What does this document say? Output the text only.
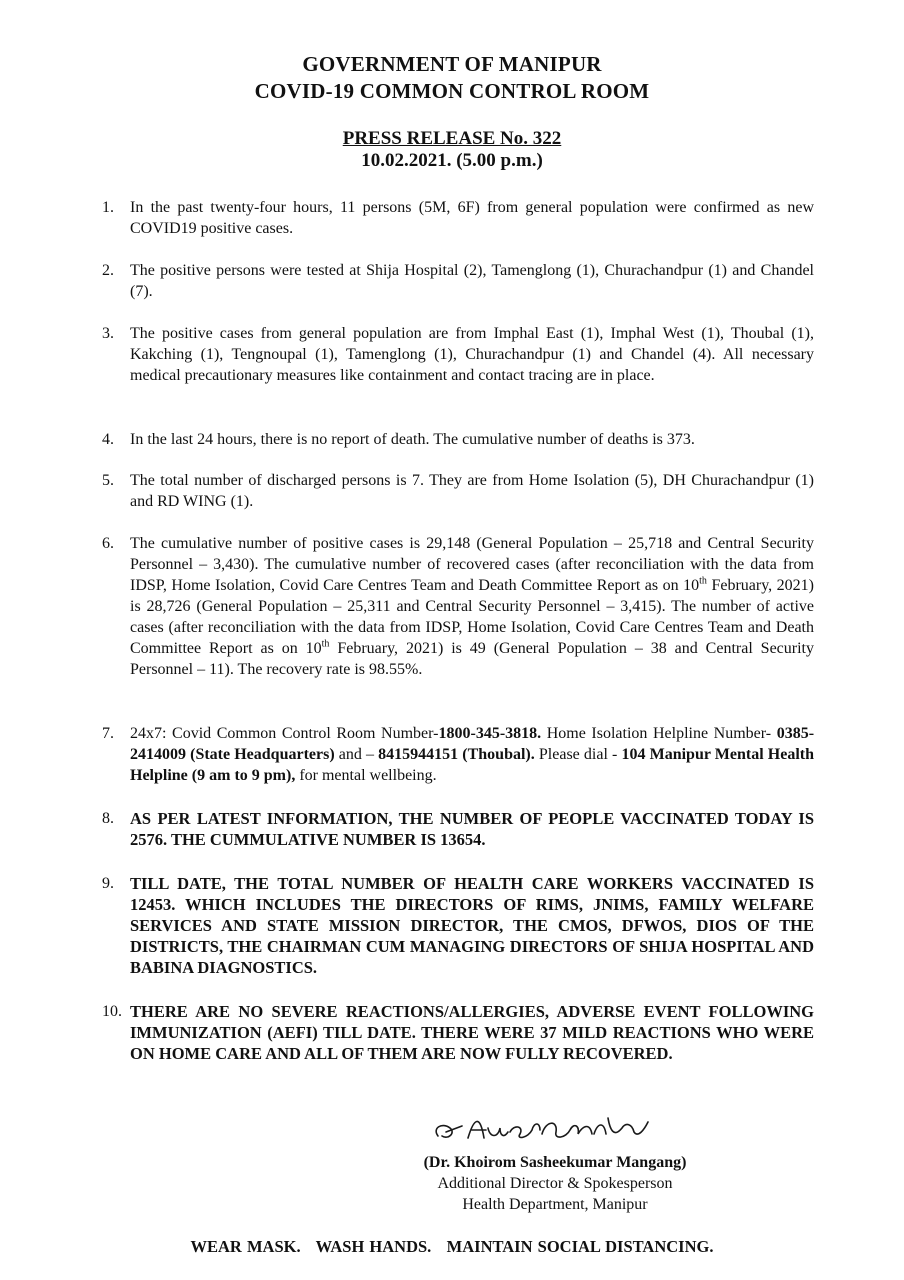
GOVERNMENT OF MANIPUR
COVID-19 COMMON CONTROL ROOM
PRESS RELEASE No. 322
10.02.2021. (5.00 p.m.)
1.	In the past twenty-four hours, 11 persons (5M, 6F) from general population were confirmed as new COVID19 positive cases.
2.	The positive persons were tested at Shija Hospital (2), Tamenglong (1), Churachandpur (1) and Chandel (7).
3.	The positive cases from general population are from Imphal East (1), Imphal West (1), Thoubal (1), Kakching (1), Tengnoupal (1), Tamenglong (1), Churachandpur (1) and Chandel (4). All necessary medical precautionary measures like containment and contact tracing are in place.
4.	In the last 24 hours, there is no report of death. The cumulative number of deaths is 373.
5.	The total number of discharged persons is 7. They are from Home Isolation (5), DH Churachandpur (1) and RD WING (1).
6.	The cumulative number of positive cases is 29,148 (General Population – 25,718 and Central Security Personnel – 3,430). The cumulative number of recovered cases (after reconciliation with the data from IDSP, Home Isolation, Covid Care Centres Team and Death Committee Report as on 10th February, 2021) is 28,726 (General Population – 25,311 and Central Security Personnel – 3,415). The number of active cases (after reconciliation with the data from IDSP, Home Isolation, Covid Care Centres Team and Death Committee Report as on 10th February, 2021) is 49 (General Population – 38 and Central Security Personnel – 11). The recovery rate is 98.55%.
7.	24x7: Covid Common Control Room Number-1800-345-3818. Home Isolation Helpline Number- 0385-2414009 (State Headquarters) and – 8415944151 (Thoubal). Please dial - 104 Manipur Mental Health Helpline (9 am to 9 pm), for mental wellbeing.
8. AS PER LATEST INFORMATION, THE NUMBER OF PEOPLE VACCINATED TODAY IS 2576. THE CUMMULATIVE NUMBER IS 13654.
9. TILL DATE, THE TOTAL NUMBER OF HEALTH CARE WORKERS VACCINATED IS 12453. WHICH INCLUDES THE DIRECTORS OF RIMS, JNIMS, FAMILY WELFARE SERVICES AND STATE MISSION DIRECTOR, THE CMOS, DFWOS, DIOS OF THE DISTRICTS, THE CHAIRMAN CUM MANAGING DIRECTORS OF SHIJA HOSPITAL AND BABINA DIAGNOSTICS.
10. THERE ARE NO SEVERE REACTIONS/ALLERGIES, ADVERSE EVENT FOLLOWING IMMUNIZATION (AEFI) TILL DATE. THERE WERE 37 MILD REACTIONS WHO WERE ON HOME CARE AND ALL OF THEM ARE NOW FULLY RECOVERED.
(Dr. Khoirom Sasheekumar Mangang)
Additional Director & Spokesperson
Health Department, Manipur
WEAR MASK.   WASH HANDS.   MAINTAIN SOCIAL DISTANCING.
